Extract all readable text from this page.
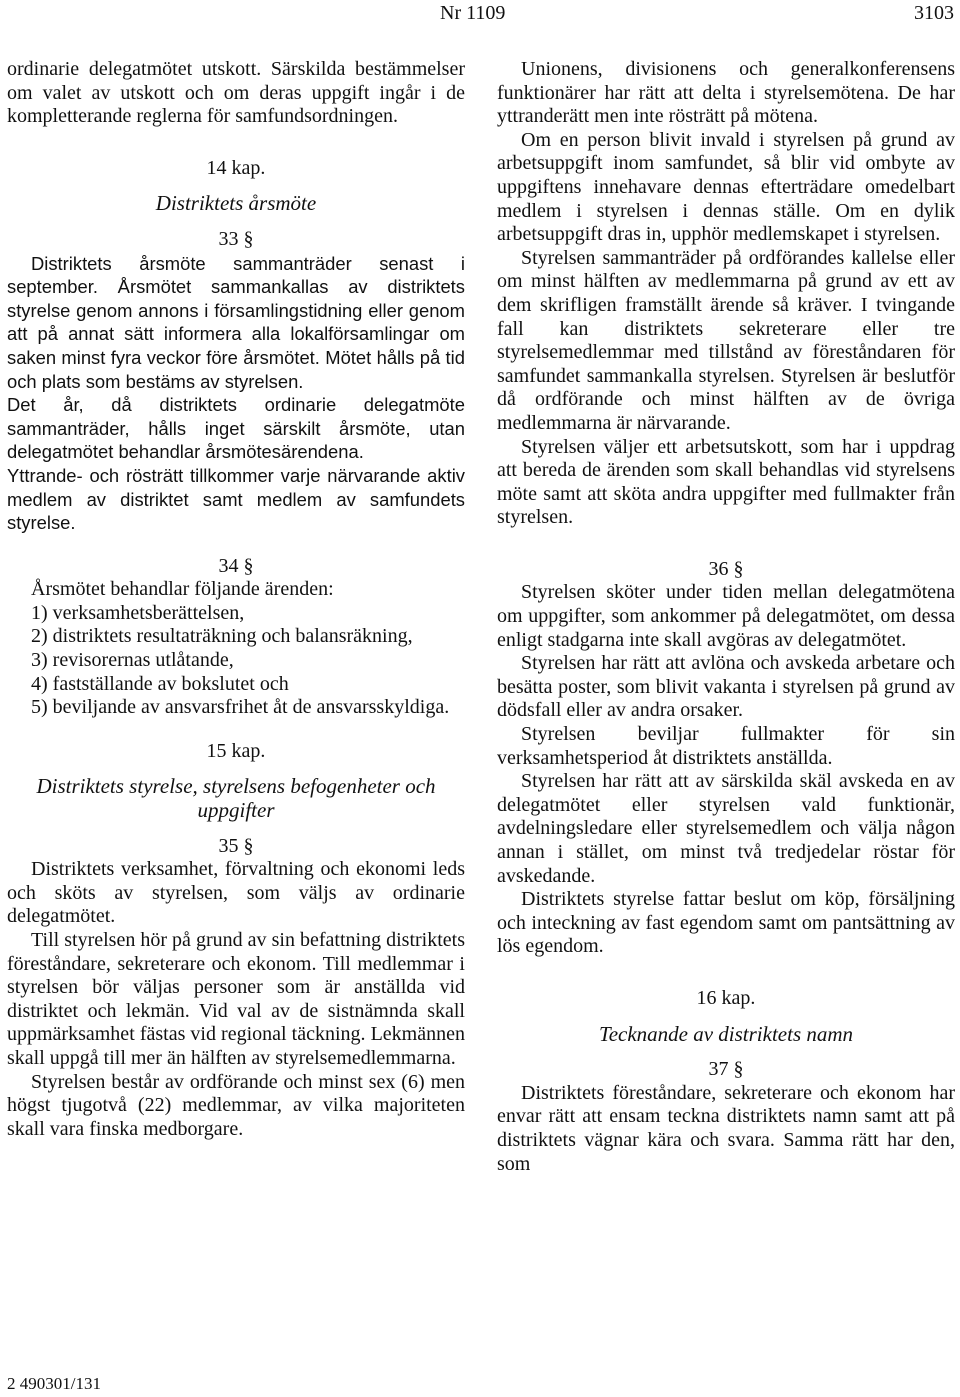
Nr 1109	3103

ordinarie delegatmötet utskott. Särskilda bestämmelser om valet av utskott och om deras uppgift ingår i de kompletterande reglerna för samfundsordningen.

14 kap.

Distriktets årsmöte

33 §

Distriktets årsmöte sammanträder senast i september. Årsmötet sammankallas av distriktets styrelse genom annons i församlingstidning eller genom att på annat sätt informera alla lokalförsamlingar om saken minst fyra veckor före årsmötet. Mötet hålls på tid och plats som bestäms av styrelsen.

Det år, då distriktets ordinarie delegatmöte sammanträder, hålls inget särskilt årsmöte, utan delegatmötet behandlar årsmötesärendena.

Yttrande- och rösträtt tillkommer varje närvarande aktiv medlem av distriktet samt medlem av samfundets styrelse.

34 §

Årsmötet behandlar följande ärenden:

1) verksamhetsberättelsen,

2) distriktets resultaträkning och balansräkning,

3) revisorernas utlåtande,

4) fastställande av bokslutet och

5) beviljande av ansvarsfrihet åt de ansvarsskyldiga.

15 kap.

Distriktets styrelse, styrelsens befogenheter och uppgifter

35 §

Distriktets verksamhet, förvaltning och ekonomi leds och sköts av styrelsen, som väljs av ordinarie delegatmötet.

Till styrelsen hör på grund av sin befattning distriktets föreståndare, sekreterare och ekonom. Till medlemmar i styrelsen bör väljas personer som är anställda vid distriktet och lekmän. Vid val av de sistnämnda skall uppmärksamhet fästas vid regional täckning. Lekmännen skall uppgå till mer än hälften av styrelsemedlemmarna.

Styrelsen består av ordförande och minst sex (6) men högst tjugotvå (22) medlemmar, av vilka majoriteten skall vara finska medborgare.

Unionens, divisionens och generalkonferensens funktionärer har rätt att delta i styrelsemötena. De har yttranderätt men inte rösträtt på mötena.

Om en person blivit invald i styrelsen på grund av arbetsuppgift inom samfundet, så blir vid ombyte av uppgiftens innehavare dennas efterträdare omedelbart medlem i styrelsen i dennas ställe. Om en dylik arbetsuppgift dras in, upphör medlemskapet i styrelsen.

Styrelsen sammanträder på ordförandes kallelse eller om minst hälften av medlemmarna på grund av ett av dem skrifligen framställt ärende så kräver. I tvingande fall kan distriktets sekreterare eller tre styrelsemedlemmar med tillstånd av föreståndaren för samfundet sammankalla styrelsen. Styrelsen är beslutför då ordförande och minst hälften av de övriga medlemmarna är närvarande.

Styrelsen väljer ett arbetsutskott, som har i uppdrag att bereda de ärenden som skall behandlas vid styrelsens möte samt att sköta andra uppgifter med fullmakter från styrelsen.

36 §

Styrelsen sköter under tiden mellan delegatmötena om uppgifter, som ankommer på delegatmötet, om dessa enligt stadgarna inte skall avgöras av delegatmötet.

Styrelsen har rätt att avlöna och avskeda arbetare och besätta poster, som blivit vakanta i styrelsen på grund av dödsfall eller av andra orsaker.

Styrelsen beviljar fullmakter för sin verksamhetsperiod åt distriktets anställda.

Styrelsen har rätt att av särskilda skäl avskeda en av delegatmötet eller styrelsen vald funktionär, avdelningsledare eller styrelsemedlem och välja någon annan i stället, om minst två tredjedelar röstar för avskedande.

Distriktets styrelse fattar beslut om köp, försäljning och inteckning av fast egendom samt om pantsättning av lös egendom.

16 kap.

Tecknande av distriktets namn

37 §

Distriktets föreståndare, sekreterare och ekonom har envar rätt att ensam teckna distriktets namn samt att på distriktets vägnar kära och svara. Samma rätt har den, som

2 490301/131
